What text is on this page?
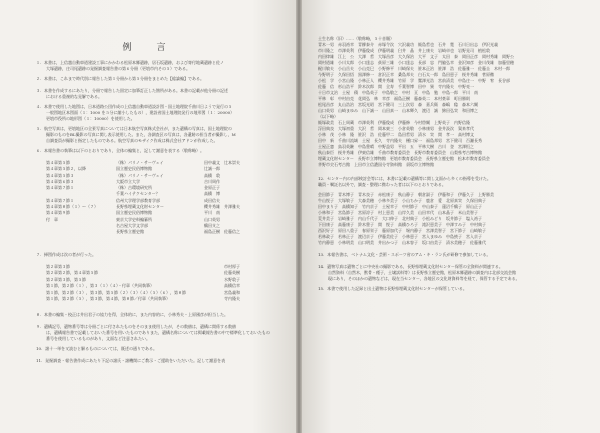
例　言
１．本書は，上信越自動車道建設工事にかかわる松原本郷遺跡，居石坂遺跡，および寄付地蔵遺跡と佐ノ
大塚遺跡，庄司尾遺跡の発掘調査報告書の第６分冊（更埴市内その５）である。
２．本書は，これまで時代別に報告した第１分冊から第５分冊をまとめた【総論編】である。
３．本書を作成するにあたり，分冊で報告した固定に加筆訂正した箇所がある。本書の記載が他分冊の記述
における重複的な見解である。
４．本書で使用した地図は，日本道路公団作成の上信越自動車道設計図・国土地理院千曲川日ようで発行の５
一般図地区本図面（１：1000 を５分に縮小したもの），建設省国土地理院発行の地形図（１：20000）
更埴市役所の地形図（１：10000）を使用した。
５．航空写真は，更埴地区の全景写真については日本航空写真株式会社が，また遺構の写真は，国土地理院の
撮影のものをBL撮影の写真に関し表示使用した。また，各調査区の写真は，各遺跡の担当者が撮影し，M
自調査員が撮影と指定したものである。航空写真のモザイク作成は株式会社アドンが作成した。
６．本報告書の執筆は以下のとおりであり，全体の編集と，記して謝意を表する（敬称略）。
第４章第５節	（株）パリノ・サーヴェイ	田中義文　辻本崇夫
第４章第５節２，以降	国立歴史民俗博物館	辻誠一郎
第４章第５節３	（株）パリノ・サーヴェイ	高橋　敦
第４章第６節３	大阪市立大学	吉川周作
第４章第７節１	（株）古環境研究所	金原正子
千葉ハイテクセンター？	高橋　博
第４章第７節１	信州大学理学部教育学部	成田信夫
第４章第８節（１）〜（７）	長野県埋蔵文化財センター	櫻井秀雄　井澤雅夫
第４章第９節	国立歴史民俗博物館	平川　南
付　章	東京大学史料編纂所	山口英男
名古屋大学文学部	鶴田支之
長野県立歴史館	福島正樹　佐藤信之
７．挿図作成は次の者が行った。
第２章第３節	市村厚子
第２章第２節，第４章第５節	佐藤英樹
第２章第３節，第５節	水野敦子
第１節，第２節（１），第３（１）（４）・付章（共同執筆）	高橋信幸
第１節，第２節（３），第３節，第５節（２）（３）（４）（５）（６），第８節	宮島義和
第１節，第２節（５），第３節，第４節，第８節／付章（共同執筆）	寺内隆夫
８．本書の編集・校正は井出君子の協力を得，全体的に，また内容的に，小林秀夫・上原國彦が担当した。
９．遺構記号，遺物番号等は分冊ごとに付されたものをそのまま使用したが，その数値は，遺構に関係する数値
は，遺構報告書で記載しておいた番号を用いたものでありまた，遺構名称については掲載報告書の中で標準化しておいたもの
番号を使用しているものがあり，文面など注意されたい。
10．諸十一単を又読むと解るものについては，既述の通りである。
11．発掘調査・報告書作成にあたり下記の諸氏・諸機関にご教示・ご援助をいただいた。記して謝意を表
土生名称（旧）……（敬称略，５十音順）
青木一男　赤羽裕幸　青柳泰介　赤塚令次　穴沢義功　飯島哲也　石井　寛　石川日出志　伊沢光義
市川隆之　市澤英利　伊藤俊成　伊藤明義　臼井　晶　井上康夫　岩崎卓也　岩野見司　植松敦
内田律雄　江上　公　大澤　哲　大塚昌彦　大久保治　大平　文子　太田　泰　岡田正彦　岡村秀雄　岡野公
岡村道雄　小川太郎　小口達志　荻原三雄　小口達志　長部　忠　門脇弘幸　金沢知彦　金川茂雄　加藤里穂
梶川敏夫　小山岳夫　小山克巳　小野修平　川崎保夫　笹本正治　笹澤　浩　佐藤雅一　佐藤圭　木村一郎
今野明子　久保田悟　黒澤修一　倉沢正幸　桑島邦夫　白石太一郎　島田恵子　桜井秀雄　菅原徹
小松　学　小宮山隆　小林正人　櫻井秀雄　竹原　学　鷲澤光浩　宮前清美　中島庄一　中野　宥　長谷部
佐藤　信　杉山浩平　鈴木次郎　関　全寿　千葉智博　田中　巽　寺内隆夫　中野亮一
十日市文治　土屋　積　中島英子　中島敬之　中村　亘　中島　勉　中島一郎　平川　南
平林　彰　中村由克　花岡弘　林　幸彦　福島正樹　藤森英二　本村豪章　町田勝則
松尾昌彦　丸山浩治　宮坂光昭　宮下健司　三上次男　森　嘉兵衛　森嶋　稔　森本六爾
山口英男　山崎まゆみ　山下誠一　山田真一　山本輝久　渡辺　誠　綿田弘実　和田博之
（以下略）
飯塚政美　石上周蔵　市澤英利　伊藤俊成　伊藤修　今村啓爾　上野英子　内野信隆
浮田典良　大塚初重　大沢　哲　岡本東三　小倉英敬　小林康男　金井汲次　賀来孝代
小林　茂　小林　隆　笹沢　浩　佐藤甲二　島田哲男　清水　実　関　孝一　高村博文
田中　新　千曲川流域　土屋　長久　寺内隆夫　樋口昇一　福島邦男　宮下健司　百瀬長秀
土屋正憲　鳥羽英継　中島豊晴　中野益男　平出　五　平林大樹　古川　登　宮澤恒之
秋山泰臣　桜井秀雄　伊東信雄　千曲市教育委員会　長野市教育委員会　山梨県考古博物館
埋蔵文化財センター　長野市立博物館　更埴市教育委員会　長野県立歴史館　松本市教育委員会
茅野市尖石考古館　上田市立信濃国分寺資料館　須坂市立博物館
12．センター内の内部検討会等には，本書に記載の遺構等に関し文面から多くの指導を受けた。
職員・嘱託名以外で，調査・整理に携わった者は以下のとおりである。
会田節子　青木博子　青木良子　赤松康子　秋山静子　朝倉淑子　伊藤和子　伊藤久子　上野勝美
牛山悦子　大塚敏子　大森美穂　小林多美子　小山ちか子　鹿倉　愛　北原真実　久保田典子
田中まり子　高橋知子　竹内京子　土屋幸子　中村節子　中山泰子　蓮沼千鶴子　原山正子
小林和子　宮島節子　宮原涼子　村上恵美　山岸久美　山田幸代　山本晶子　米山美智子
荒井美子　岩崎雅子　内山千代子　大口伸子　北村典子　小松みどり　坂井節子　塩入裕子
下田康子　高藤康子　鈴木豊子　関　悦子　高橋ひろ子　滝沢恵美子　中澤すみ子　中村典子
西沢好子　原田八重子　春原栄子　藤原加代子　堀内静子　宮澤美智子　宮下節子　山崎敏子
若林政子　若林正子　渡辺京子　伊藤美佐子　小林恵子　宮入まゆみ　中島綾子　宮入京子
竹内静恵　小林明美　山口明美　井出かつ子　山本容子　坂口由美子　清水美穂子　佐藤雅代
13．本報告書は，ベトナム文化・芸術・スポーツ省のアム・キ・ラン氏が研修で参加している。
14．遺物写真は遺物ごとに中央社の撮影である，長野県埋蔵文化財センター保管の全資料が関連する。
自然資料（自然木，獣骨・種子，土壌試料等）は長野県立歴史館，松原本郷遺跡の調査内は北部交流会館
現にあり，そのほかの遺物などは，現在当センター，各地区の文化財資料等を経て，保管する予定である。
15．本書で使用した記録と出土遺物は長野県埋蔵文化財センターが保管している。
